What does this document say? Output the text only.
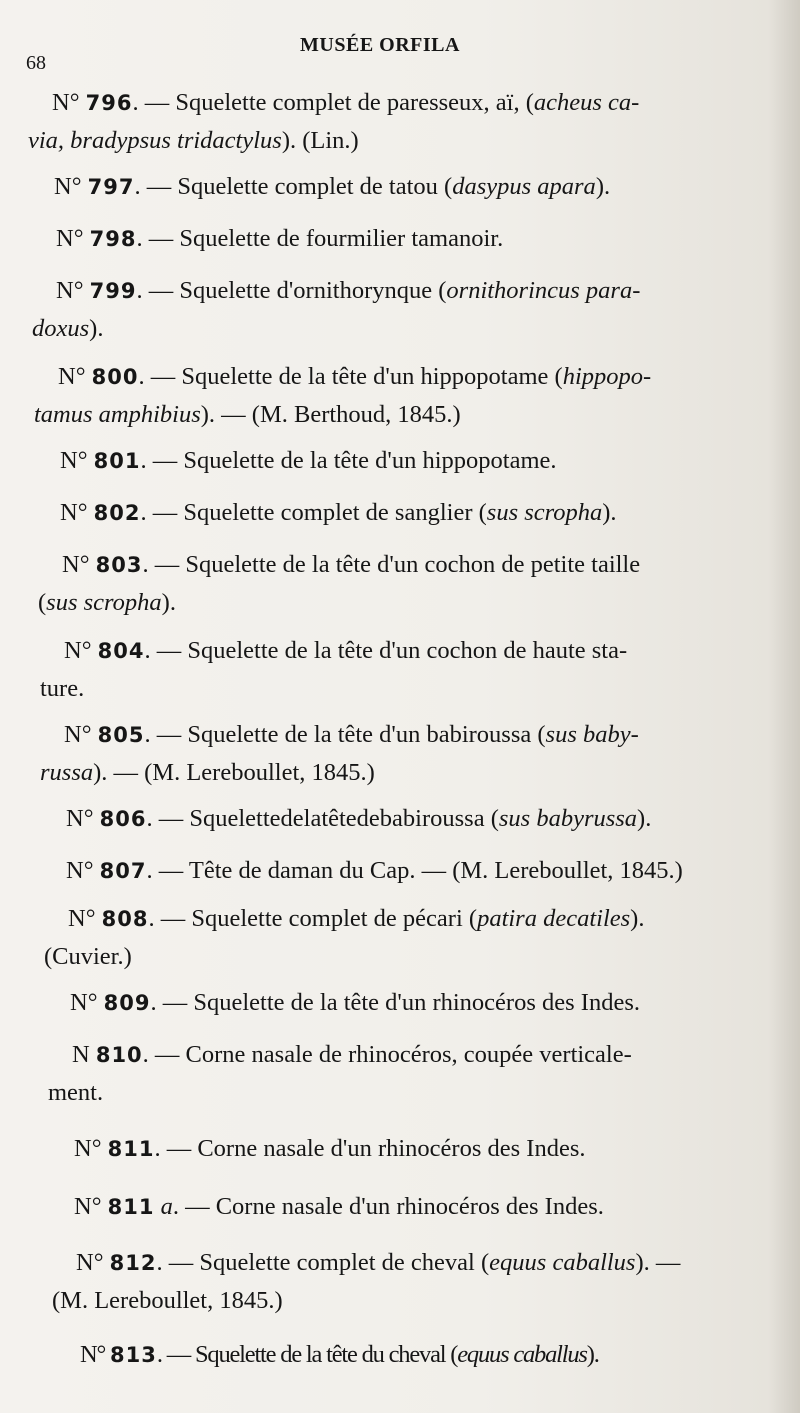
68
MUSÉE ORFILA
N° 796. — Squelette complet de paresseux, aï, (acheus ca-
via, bradypsus tridactylus). (Lin.)
N° 797. — Squelette complet de tatou (dasypus apara).
N° 798. — Squelette de fourmilier tamanoir.
N° 799. — Squelette d'ornithorynque (ornithorincus para-
doxus).
N° 800. — Squelette de la tête d'un hippopotame (hippopo-
tamus amphibius). — (M. Berthoud, 1845.)
N° 801. — Squelette de la tête d'un hippopotame.
N° 802. — Squelette complet de sanglier (sus scropha).
N° 803. — Squelette de la tête d'un cochon de petite taille
(sus scropha).
N° 804. — Squelette de la tête d'un cochon de haute sta-
ture.
N° 805. — Squelette de la tête d'un babiroussa (sus baby-
russa). — (M. Lereboullet, 1845.)
N° 806. — Squelettedelatêtedebabiroussa (sus babyrussa).
N° 807. — Tête de daman du Cap. — (M. Lereboullet, 1845.)
N° 808. — Squelette complet de pécari (patira decatiles).
(Cuvier.)
N° 809. — Squelette de la tête d'un rhinocéros des Indes.
N 810. — Corne nasale de rhinocéros, coupée verticale-
ment.
N° 811. — Corne nasale d'un rhinocéros des Indes.
N° 811 a. — Corne nasale d'un rhinocéros des Indes.
N° 812. — Squelette complet de cheval (equus caballus). —
(M. Lereboullet, 1845.)
N° 813. — Squelette de la tête du cheval (equus caballus).
